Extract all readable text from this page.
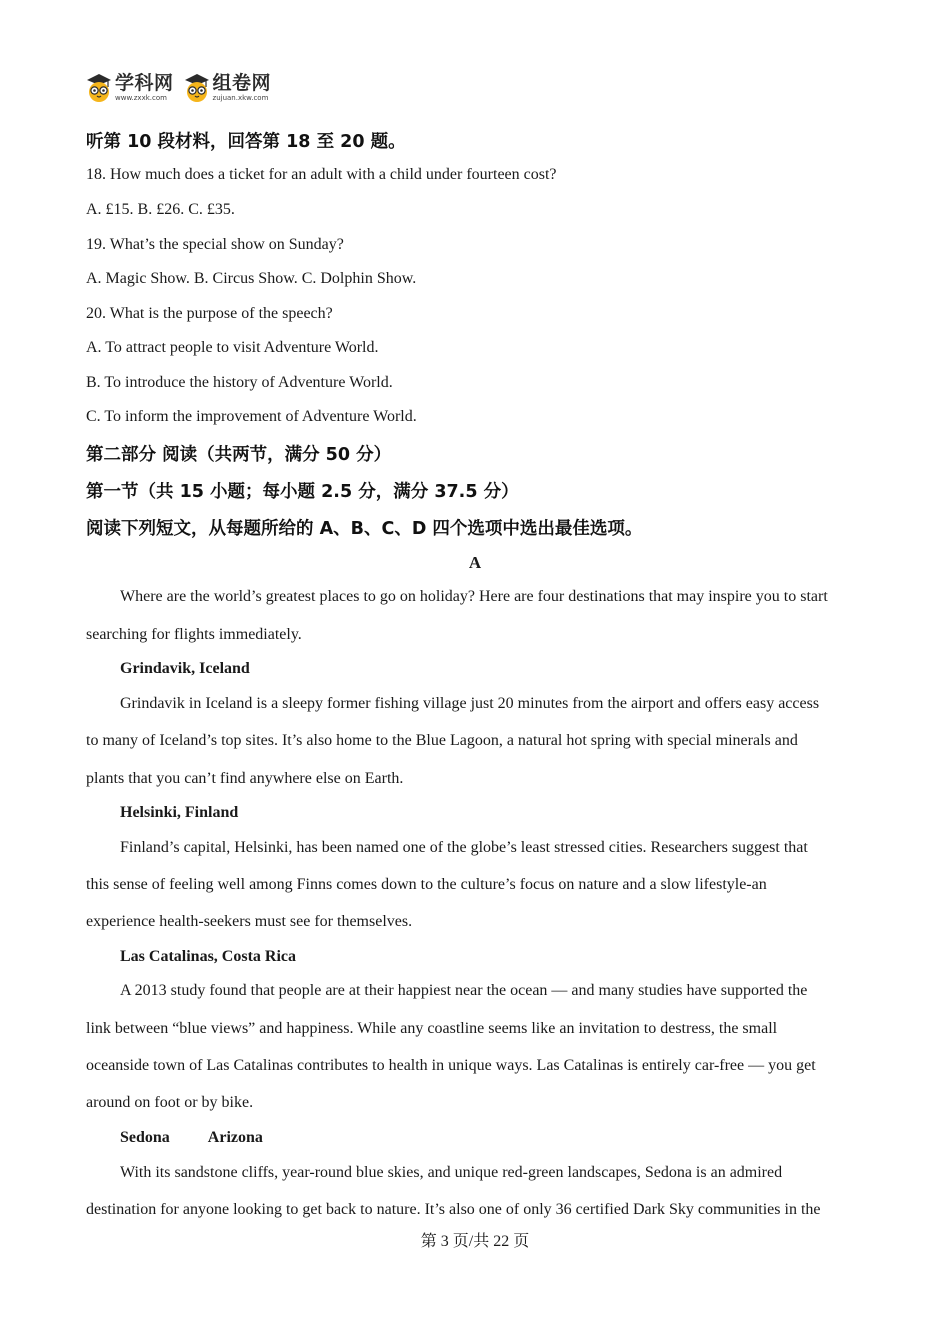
学科网
www.zxxk.com
组卷网
zujuan.xkw.com
听第 10 段材料，回答第 18 至 20 题。
18. How much does a ticket for an adult with a child under fourteen cost?
A. £15. B. £26. C. £35.
19. What’s the special show on Sunday?
A. Magic Show. B. Circus Show. C. Dolphin Show.
20. What is the purpose of the speech?
A. To attract people to visit Adventure World.
B. To introduce the history of Adventure World.
C. To inform the improvement of Adventure World.
第二部分 阅读（共两节，满分 50 分）
第一节（共 15 小题；每小题 2.5 分，满分 37.5 分）
阅读下列短文，从每题所给的 A、B、C、D 四个选项中选出最佳选项。
A
Where are the world’s greatest places to go on holiday? Here are four destinations that may inspire you to start
searching for flights immediately.
Grindavik, Iceland
Grindavik in Iceland is a sleepy former fishing village just 20 minutes from the airport and offers easy access
to many of Iceland’s top sites. It’s also home to the Blue Lagoon, a natural hot spring with special minerals and
plants that you can’t find anywhere else on Earth.
Helsinki, Finland
Finland’s capital, Helsinki, has been named one of the globe’s least stressed cities. Researchers suggest that
this sense of feeling well among Finns comes down to the culture’s focus on nature and a slow lifestyle-an
experience health-seekers must see for themselves.
Las Catalinas, Costa Rica
A 2013 study found that people are at their happiest near the ocean — and many studies have supported the
link between “blue views” and happiness. While any coastline seems like an invitation to destress, the small
oceanside town of Las Catalinas contributes to health in unique ways. Las Catalinas is entirely car-free — you get
around on foot or by bike.
Sedona Arizona
With its sandstone cliffs, year-round blue skies, and unique red-green landscapes, Sedona is an admired
destination for anyone looking to get back to nature. It’s also one of only 36 certified Dark Sky communities in the
第 3 页/共 22 页
